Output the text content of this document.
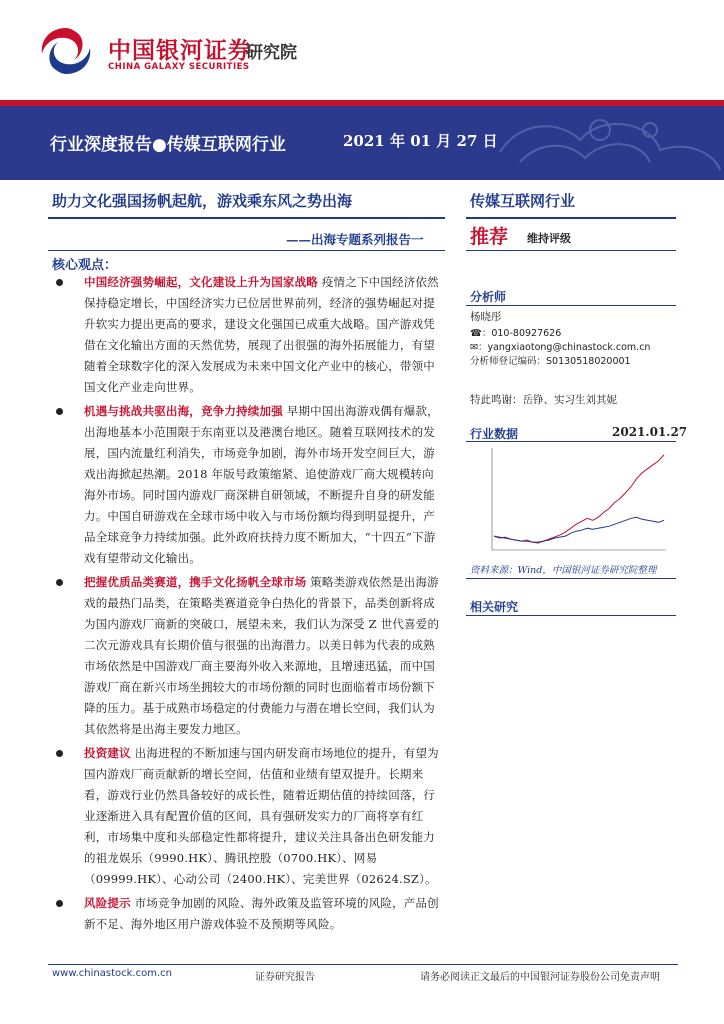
中国银河证券
研究院
CHINA GALAXY SECURITIES
行业深度报告●传媒互联网行业	2021 年 01 月 27 日
助力文化强国扬帆起航，游戏乘东风之势出海
——出海专题系列报告一
核心观点：
中国经济强势崛起，文化建设上升为国家战略 疫情之下中国经济依然保持稳定增长，中国经济实力已位居世界前列，经济的强势崛起对提升软实力提出更高的要求，建设文化强国已成重大战略。国产游戏凭借在文化输出方面的天然优势，展现了出很强的海外拓展能力，有望随着全球数字化的深入发展成为未来中国文化产业中的核心，带领中国文化产业走向世界。
机遇与挑战共驱出海，竞争力持续加强 早期中国出海游戏偶有爆款，出海地基本小范围限于东南亚以及港澳台地区。随着互联网技术的发展，国内流量红利消失，市场竞争加剧，海外市场开发空间巨大，游戏出海掀起热潮。2018 年版号政策缩紧、追使游戏厂商大规模转向海外市场。同时国内游戏厂商深耕自研领域，不断提升自身的研发能力。中国自研游戏在全球市场中收入与市场份额均得到明显提升，产品全球竞争力持续加强。此外政府扶持力度不断加大，“十四五”下游戏有望带动文化输出。
把握优质品类赛道，携手文化扬帆全球市场 策略类游戏依然是出海游戏的最热门品类，在策略类赛道竞争白热化的背景下，品类创新将成为国内游戏厂商新的突破口，展望未来，我们认为深受 Z 世代喜爱的二次元游戏具有长期价值与很强的出海潜力。以美日韩为代表的成熟市场依然是中国游戏厂商主要海外收入来源地，且增速迅猛，而中国游戏厂商在新兴市场坐拥较大的市场份额的同时也面临着市场份额下降的压力。基于成熟市场稳定的付费能力与潜在增长空间，我们认为其依然将是出海主要发力地区。
投资建议 出海进程的不断加速与国内研发商市场地位的提升，有望为国内游戏厂商贡献新的增长空间，估值和业绩有望双提升。长期来看，游戏行业仍然具备较好的成长性，随着近期估值的持续回落，行业逐渐进入具有配置价值的区间，具有强研发实力的厂商将享有红利，市场集中度和头部稳定性都将提升，建议关注具备出色研发能力的祖龙娱乐（9990.HK）、腾讯控股（0700.HK）、网易（09999.HK）、心动公司（2400.HK）、完美世界（02624.SZ）。
风险提示 市场竞争加剧的风险、海外政策及监管环境的风险，产品创新不足、海外地区用户游戏体验不及预期等风险。
传媒互联网行业
推荐 维持评级
分析师
杨晓彤
☎：010-80927626
✉：yangxiaotong@chinastock.com.cn
分析师登记编码：S0130518020001
特此鸣谢：岳铮、实习生刘其妮
行业数据	2021.01.27
资料来源：Wind，中国银河证券研究院整理
相关研究
www.chinastock.com.cn	证券研究报告	请务必阅读正文最后的中国银河证券股份公司免责声明
